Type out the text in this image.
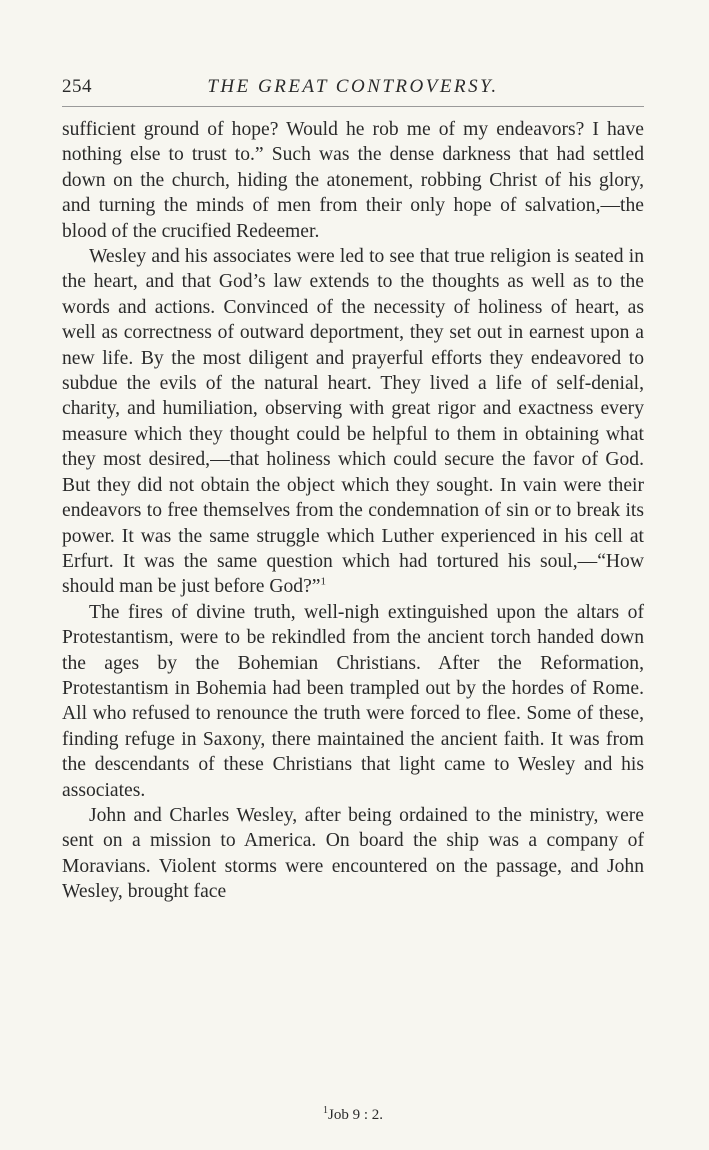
254	THE GREAT CONTROVERSY.

sufficient ground of hope? Would he rob me of my endeavors? I have nothing else to trust to.” Such was the dense darkness that had settled down on the church, hiding the atonement, robbing Christ of his glory, and turning the minds of men from their only hope of salvation,—the blood of the crucified Redeemer.

Wesley and his associates were led to see that true religion is seated in the heart, and that God’s law extends to the thoughts as well as to the words and actions. Convinced of the necessity of holiness of heart, as well as correctness of outward deportment, they set out in earnest upon a new life. By the most diligent and prayerful efforts they endeavored to subdue the evils of the natural heart. They lived a life of self-denial, charity, and humiliation, observing with great rigor and exactness every measure which they thought could be helpful to them in obtaining what they most desired,—that holiness which could secure the favor of God. But they did not obtain the object which they sought. In vain were their endeavors to free themselves from the condemnation of sin or to break its power. It was the same struggle which Luther experienced in his cell at Erfurt. It was the same question which had tortured his soul,—“How should man be just before God?”$^1$

The fires of divine truth, well-nigh extinguished upon the altars of Protestantism, were to be rekindled from the ancient torch handed down the ages by the Bohemian Christians. After the Reformation, Protestantism in Bohemia had been trampled out by the hordes of Rome. All who refused to renounce the truth were forced to flee. Some of these, finding refuge in Saxony, there maintained the ancient faith. It was from the descendants of these Christians that light came to Wesley and his associates.

John and Charles Wesley, after being ordained to the ministry, were sent on a mission to America. On board the ship was a company of Moravians. Violent storms were encountered on the passage, and John Wesley, brought face

$^1$Job 9 : 2.
